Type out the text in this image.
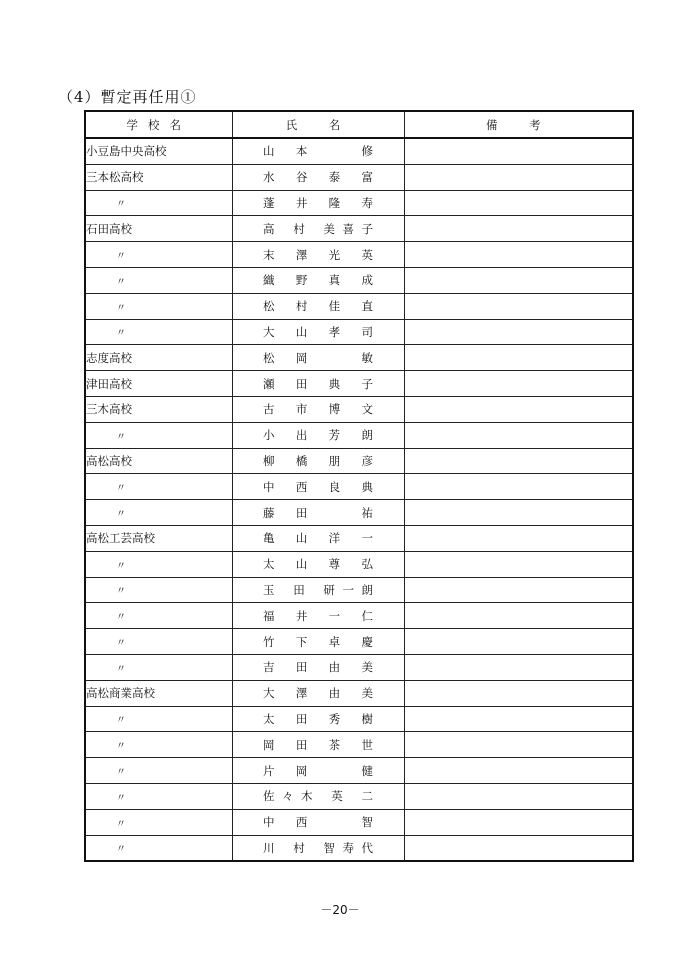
（4）暫定再任用①
学校名	氏　名	備　考
小豆島中央高校	山 本 　 修	
三本松高校	水 谷 泰 富	
〃	蓬 井 隆 寿	
石田高校	高 村 美喜子	
〃	末 澤 光 英	
〃	織 野 真 成	
〃	松 村 佳 直	
〃	大 山 孝 司	
志度高校	松 岡 　 敏	
津田高校	瀬 田 典 子	
三木高校	古 市 博 文	
〃	小 出 芳 朗	
高松高校	柳 橋 朋 彦	
〃	中 西 良 典	
〃	藤 田 　 祐	
高松工芸高校	亀 山 洋 一	
〃	太 山 尊 弘	
〃	玉 田 研一朗	
〃	福 井 一 仁	
〃	竹 下 卓 慶	
〃	吉 田 由 美	
高松商業高校	大 澤 由 美	
〃	太 田 秀 樹	
〃	岡 田 茶 世	
〃	片 岡 　 健	
〃	佐々木 英 二	
〃	中 西 　 智	
〃	川 村 智寿代	
－20－
